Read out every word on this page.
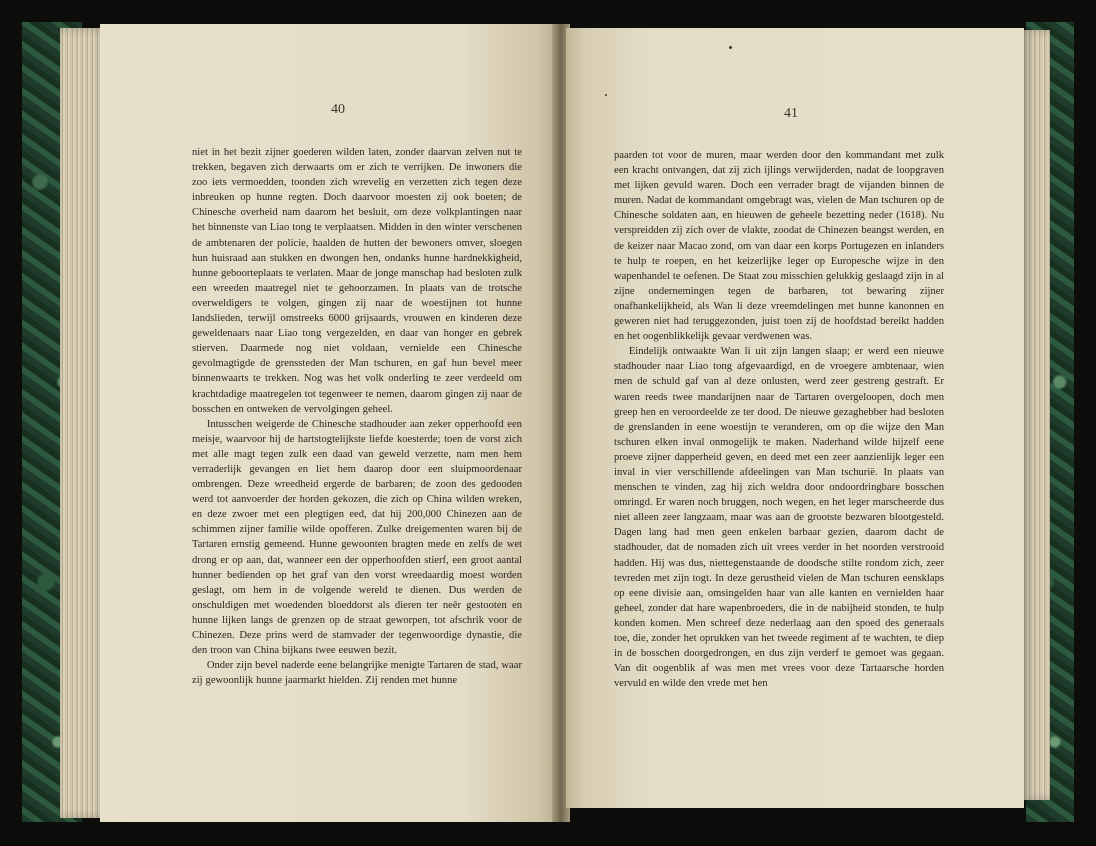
40

niet in het bezit zijner goederen wilden laten, zonder daarvan zelven nut te trekken, begaven zich derwaarts om er zich te verrijken. De inwoners die zoo iets vermoedden, toonden zich wrevelig en verzetten zich tegen deze inbreuken op hunne regten. Doch daarvoor moesten zij ook boeten; de Chinesche overheid nam daarom het besluit, om deze volkplantingen naar het binnenste van Liao tong te verplaatsen. Midden in den winter verschenen de ambtenaren der policie, haalden de hutten der bewoners omver, sloegen hun huisraad aan stukken en dwongen hen, ondanks hunne hardnekkigheid, hunne geboorteplaats te verlaten. Maar de jonge manschap had besloten zulk een wreeden maatregel niet te gehoorzamen. In plaats van de trotsche overweldigers te volgen, gingen zij naar de woestijnen tot hunne landslieden, terwijl omstreeks 6000 grijsaards, vrouwen en kinderen deze geweldenaars naar Liao tong vergezelden, en daar van honger en gebrek stierven. Daarmede nog niet voldaan, vernielde een Chinesche gevolmagtigde de grenssteden der Man tschuren, en gaf hun bevel meer binnenwaarts te trekken. Nog was het volk onderling te zeer verdeeld om krachtdadige maatregelen tot tegenweer te nemen, daarom gingen zij naar de bosschen en ontweken de vervolgingen geheel.

Intusschen weigerde de Chinesche stadhouder aan zeker opperhoofd een meisje, waarvoor hij de hartstogtelijkste liefde koesterde; toen de vorst zich met alle magt tegen zulk een daad van geweld verzette, nam men hem verraderlijk gevangen en liet hem daarop door een sluipmoordenaar ombrengen. Deze wreedheid ergerde de barbaren; de zoon des gedooden werd tot aanvoerder der horden gekozen, die zich op China wilden wreken, en deze zwoer met een plegtigen eed, dat hij 200,000 Chinezen aan de schimmen zijner familie wilde opofferen. Zulke dreigementen waren bij de Tartaren ernstig gemeend. Hunne gewoonten bragten mede en zelfs de wet drong er op aan, dat, wanneer een der opperhoofden stierf, een groot aantal hunner bedienden op het graf van den vorst wreedaardig moest worden geslagt, om hem in de volgende wereld te dienen. Dus werden de onschuldigen met woedenden bloeddorst als dieren ter neêr gestooten en hunne lijken langs de grenzen op de straat geworpen, tot afschrik voor de Chinezen. Deze prins werd de stamvader der tegenwoordige dynastie, die den troon van China bijkans twee eeuwen bezit.

Onder zijn bevel naderde eene belangrijke menigte Tartaren de stad, waar zij gewoonlijk hunne jaarmarkt hielden. Zij renden met hunne

41

paarden tot voor de muren, maar werden door den kommandant met zulk een kracht ontvangen, dat zij zich ijlings verwijderden, nadat de loopgraven met lijken gevuld waren. Doch een verrader bragt de vijanden binnen de muren. Nadat de kommandant omgebragt was, vielen de Man tschuren op de Chinesche soldaten aan, en hieuwen de geheele bezetting neder (1618). Nu verspreidden zij zich over de vlakte, zoodat de Chinezen beangst werden, en de keizer naar Macao zond, om van daar een korps Portugezen en inlanders te hulp te roepen, en het keizerlijke leger op Europesche wijze in den wapenhandel te oefenen. De Staat zou misschien gelukkig geslaagd zijn in al zijne ondernemingen tegen de barbaren, tot bewaring zijner onafhankelijkheid, als Wan li deze vreemdelingen met hunne kanonnen en geweren niet had teruggezonden, juist toen zij de hoofdstad bereikt hadden en het oogenblikkelijk gevaar verdwenen was.

Eindelijk ontwaakte Wan li uit zijn langen slaap; er werd een nieuwe stadhouder naar Liao tong afgevaardigd, en de vroegere ambtenaar, wien men de schuld gaf van al deze onlusten, werd zeer gestreng gestraft. Er waren reeds twee mandarijnen naar de Tartaren overgeloopen, doch men greep hen en veroordeelde ze ter dood. De nieuwe gezaghebber had besloten de grenslanden in eene woestijn te veranderen, om op die wijze den Man tschuren elken inval onmogelijk te maken. Naderhand wilde hijzelf eene proeve zijner dapperheid geven, en deed met een zeer aanzienlijk leger een inval in vier verschillende afdeelingen van Man tschurië. In plaats van menschen te vinden, zag hij zich weldra door ondoordringbare bosschen omringd. Er waren noch bruggen, noch wegen, en het leger marscheerde dus niet alleen zeer langzaam, maar was aan de grootste bezwaren blootgesteld. Dagen lang had men geen enkelen barbaar gezien, daarom dacht de stadhouder, dat de nomaden zich uit vrees verder in het noorden verstrooid hadden. Hij was dus, niettegenstaande de doodsche stilte rondom zich, zeer tevreden met zijn togt. In deze gerustheid vielen de Man tschuren eensklaps op eene divisie aan, omsingelden haar van alle kanten en vernielden haar geheel, zonder dat hare wapenbroeders, die in de nabijheid stonden, te hulp konden komen. Men schreef deze nederlaag aan den spoed des generaals toe, die, zonder het oprukken van het tweede regiment af te wachten, te diep in de bosschen doorgedrongen, en dus zijn verderf te gemoet was gegaan. Van dit oogenblik af was men met vrees voor deze Tartaarsche horden vervuld en wilde den vrede met hen
